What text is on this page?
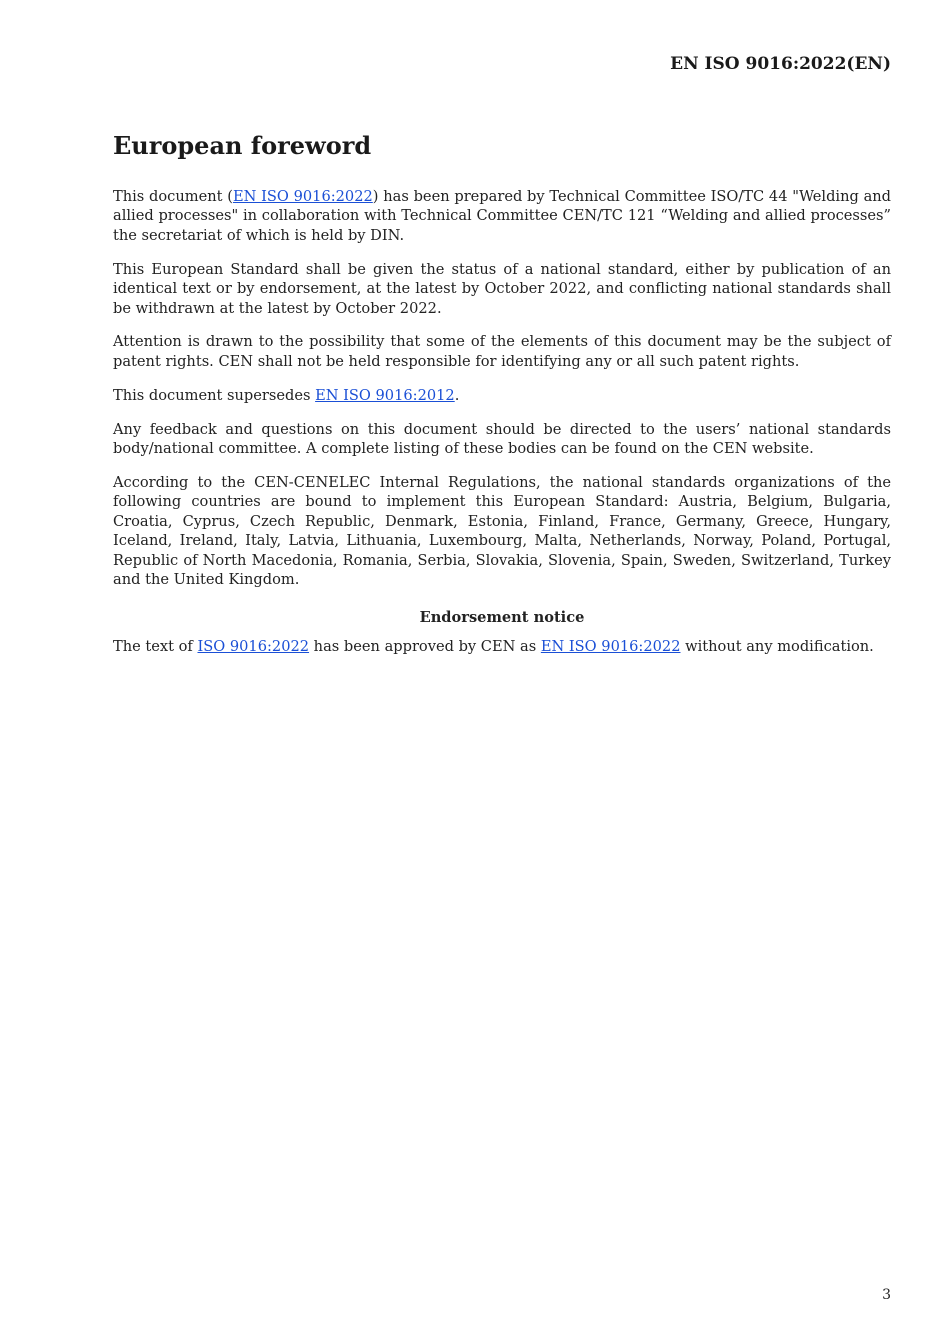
EN ISO 9016:2022(EN)
European foreword

This document (EN ISO 9016:2022) has been prepared by Technical Committee ISO/TC 44 "Welding and allied processes" in collaboration with Technical Committee CEN/TC 121 “Welding and allied processes” the secretariat of which is held by DIN.

This European Standard shall be given the status of a national standard, either by publication of an identical text or by endorsement, at the latest by October 2022, and conflicting national standards shall be withdrawn at the latest by October 2022.

Attention is drawn to the possibility that some of the elements of this document may be the subject of patent rights. CEN shall not be held responsible for identifying any or all such patent rights.

This document supersedes EN ISO 9016:2012.

Any feedback and questions on this document should be directed to the users’ national standards body/national committee. A complete listing of these bodies can be found on the CEN website.

According to the CEN-CENELEC Internal Regulations, the national standards organizations of the following countries are bound to implement this European Standard: Austria, Belgium, Bulgaria, Croatia, Cyprus, Czech Republic, Denmark, Estonia, Finland, France, Germany, Greece, Hungary, Iceland, Ireland, Italy, Latvia, Lithuania, Luxembourg, Malta, Netherlands, Norway, Poland, Portugal, Republic of North Macedonia, Romania, Serbia, Slovakia, Slovenia, Spain, Sweden, Switzerland, Turkey and the United Kingdom.

Endorsement notice

The text of ISO 9016:2022 has been approved by CEN as EN ISO 9016:2022 without any modification.

3
